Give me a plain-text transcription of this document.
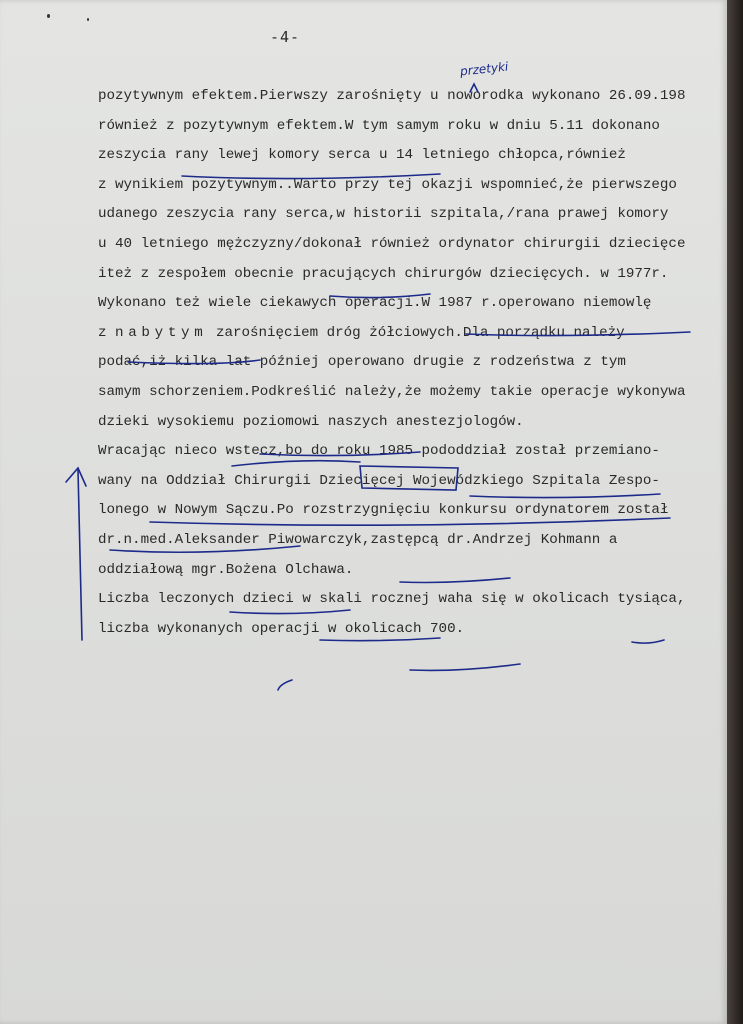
-4-
przetyki
pozytywnym efektem.Pierwszy zarośnięty u noworodka wykonano 26.09.198
również z pozytywnym efektem.W tym samym roku w dniu 5.11 dokonano
zeszycia rany lewej komory serca u 14 letniego chłopca,również
z wynikiem pozytywnym..Warto przy tej okazji wspomnieć,że pierwszego
udanego zeszycia rany serca,w historii szpitala,/rana prawej komory
u 40 letniego mężczyzny/dokonał również ordynator chirurgii dziecięce
iteż z zespołem obecnie pracujących chirurgów dziecięcych. w 1977r.
Wykonano też wiele ciekawych operacji.W 1987 r.operowano niemowlę
z nabytym zarośnięciem dróg żółciowych.Dla porządku należy
podać,iż kilka lat później operowano drugie z rodzeństwa z tym
samym schorzeniem.Podkreślić należy,że możemy takie operacje wykonywa
dzieki wysokiemu poziomowi naszych anestezjologów.
Wracając nieco wstecz,bo do roku 1985 pododdział został przemiano-
wany na Oddział Chirurgii Dziecięcej Wojewódzkiego Szpitala Zespo-
lonego w Nowym Sączu.Po rozstrzygnięciu konkursu ordynatorem został
dr.n.med.Aleksander Piwowarczyk,zastępcą dr.Andrzej Kohmann a
oddziałową mgr.Bożena Olchawa.
Liczba leczonych dzieci w skali rocznej waha się w okolicach tysiąca,
liczba wykonanych operacji w okolicach 700.
